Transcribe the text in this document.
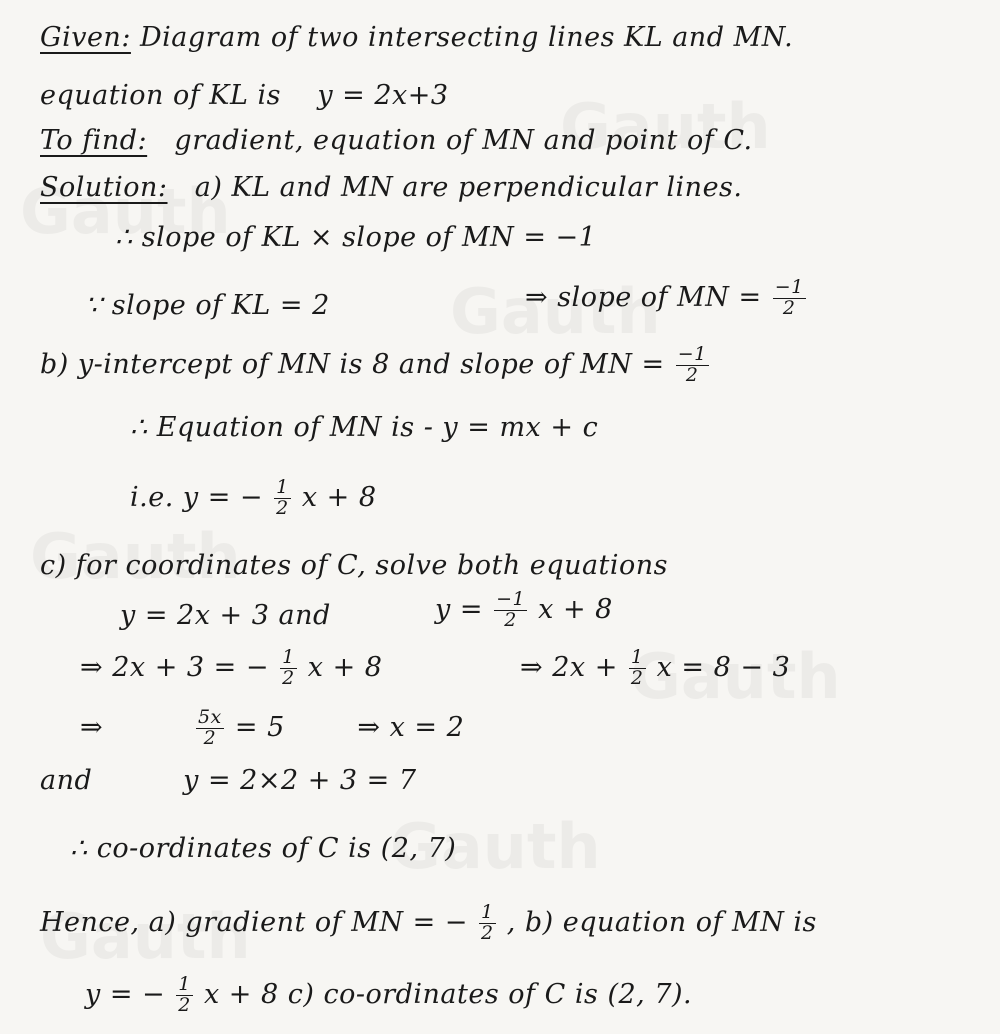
Given: Diagram of two intersecting lines KL and MN.
equation of KL is y = 2x+3
To find: gradient, equation of MN and point of C.
Solution: a) KL and MN are perpendicular lines.
∴ slope of KL × slope of MN = −1
∵ slope of KL = 2	⇒ slope of MN = $\frac{-1}{2}$
b) y-intercept of MN is 8 and slope of MN = $\frac{-1}{2}$
∴ Equation of MN is - y = mx + c
i.e. y = − $\frac{1}{2}$ x + 8
c) for coordinates of C, solve both equations
y = 2x + 3 and	$y = \frac{-1}{2}$ x + 8
⇒ 2x + 3 = − $\frac{1}{2}$ x + 8	⇒ $2x + \frac{1}{2}$ x = 8 − 3
⇒	$\frac{5x}{2} = 5$	⇒ x = 2
and	y = 2×2 + 3 = 7
∴ co-ordinates of C is (2, 7)
Hence, a) gradient of MN = − $\frac{1}{2}$ , b) equation of MN is
y = − $\frac{1}{2}$ x + 8 c) co-ordinates of C is (2, 7).
